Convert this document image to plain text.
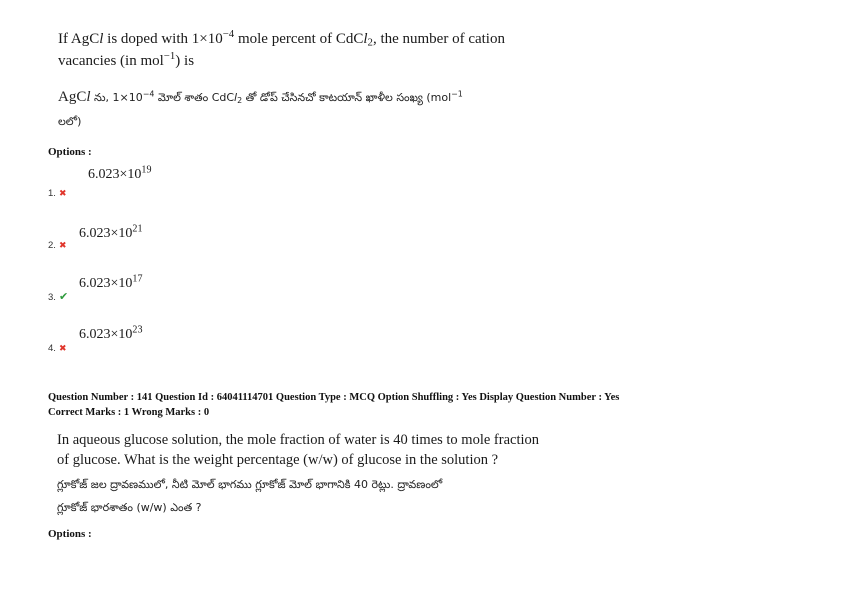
If AgCl is doped with $1\times 10^{-4}$ mole percent of CdCl$_2$, the number of cation
vacancies (in mol$^{-1}$) is
AgCl ను, $1\times 10^{-4}$ మోల్ శాతం CdCl$_2$ తో డోప్ చేసినచో కాటయాన్ ఖాళీల సంఖ్య (mol$^{-1}$
లలో)
Options :
$6.023\times 10^{19}$
1. ✖
$6.023\times 10^{21}$
2. ✖
$6.023\times 10^{17}$
3. ✔
$6.023\times 10^{23}$
4. ✖
Question Number : 141 Question Id : 64041114701 Question Type : MCQ Option Shuffling : Yes Display Question Number : Yes
Correct Marks : 1 Wrong Marks : 0
In aqueous glucose solution, the mole fraction of water is 40 times to mole fraction
of glucose. What is the weight percentage (w/w) of glucose in the solution ?
గ్లూకోజ్ జల ద్రావణములో, నీటి మోల్ భాగము గ్లూకోజ్ మోల్ భాగానికి 40 రెట్లు. ద్రావణంలో
గ్లూకోజ్ భారశాతం (w/w) ఎంత ?
Options :
